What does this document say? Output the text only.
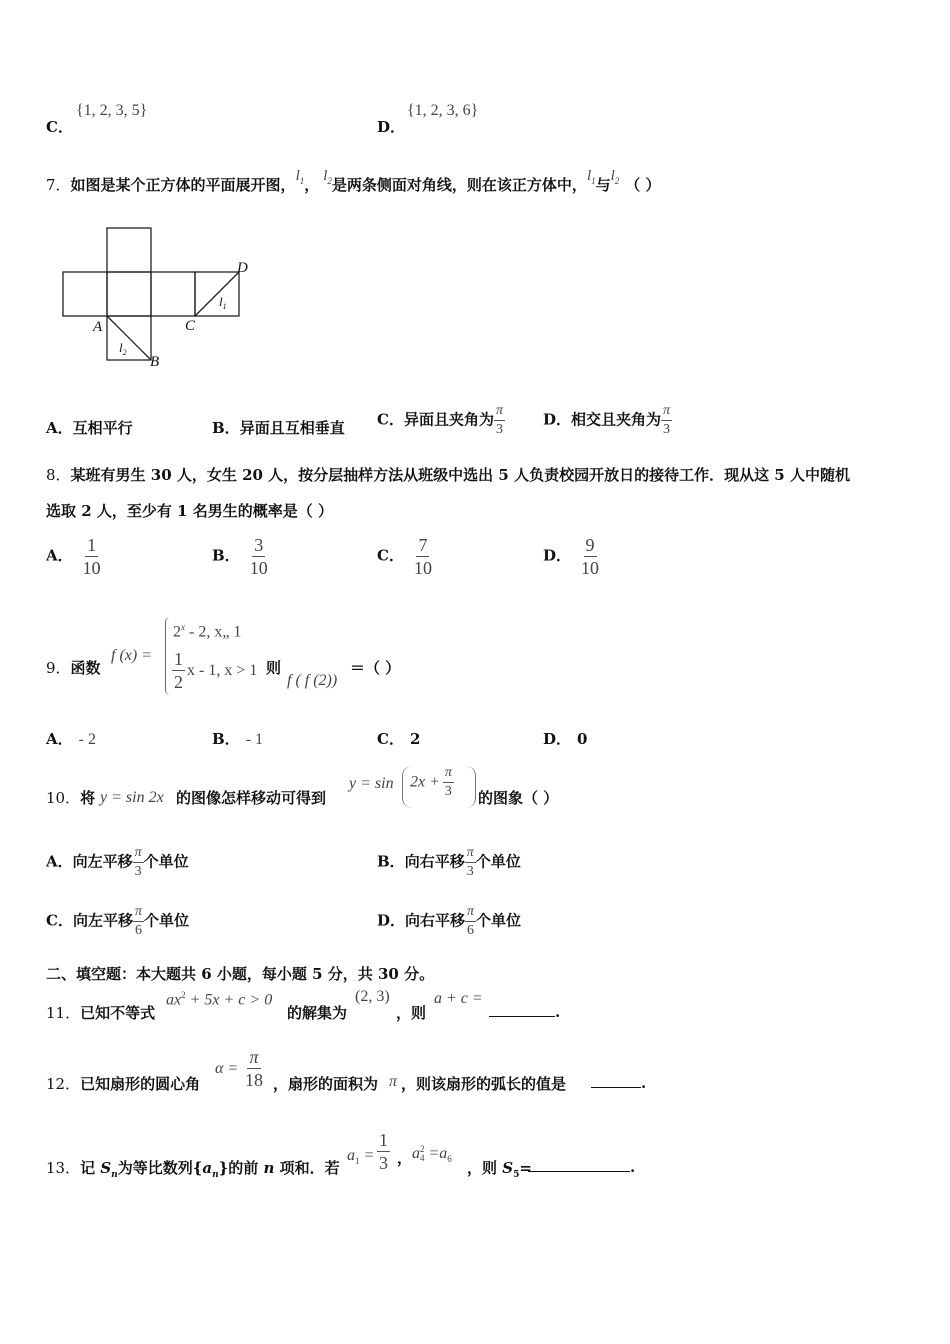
C．
{1, 2, 3, 5}
D．
{1, 2, 3, 6}
7．如图是某个正方体的平面展开图，$l_1$， $l_2$是两条侧面对角线，则在该正方体中，$l_1$与$l_2$ （ ）
D
C
A
B
$l_1$
$l_2$
A．互相平行	B．异面且互相垂直 C．异面且夹角为 $\frac{\pi}{3}$	D．相交且夹角为 $\frac{\pi}{3}$
8．某班有男生 30 人，女生 20 人，按分层抽样方法从班级中选出 5 人负责校园开放日的接待工作．现从这 5 人中随机
选取 2 人，至少有 1 名男生的概率是（ ）
A． $\frac{1}{10}$	B． $\frac{3}{10}$	C． $\frac{7}{10}$	D． $\frac{9}{10}$
9．函数
f (x) =
$2^x - 2$, x„ 1
$\frac{1}{2}$ x - 1, x > 1 则
f ( f (2))
＝（ ）
A． - 2	B． - 1	C． 2	D． 0
10．将 y = sin 2x 的图像怎样移动可得到
$y = \sin 2x + \frac{\pi}{3}$ 的图象（ ）
A．向左平移 $\frac{\pi}{3}$ 个单位	B．向右平移 $\frac{\pi}{3}$ 个单位
C．向左平移 $\frac{\pi}{6}$ 个单位	D．向右平移 $\frac{\pi}{6}$ 个单位
二、填空题：本大题共 6 小题，每小题 5 分，共 30 分。
11．已知不等式
$ax^2 + 5x + c > 0$
的解集为
(2, 3)
，则
a + c =
.
12．已知扇形的圆心角
$\alpha = \frac{\pi}{18}$ ，扇形的面积为 π ，则该扇形的弧长的值是	.
13．记 $S_n$为等比数列$\{a_n\}$的前 n 项和．若
$a_1 = \frac{1}{3}$ ， a 2
$4 =a_6$ ，则 $S_5=$	.
